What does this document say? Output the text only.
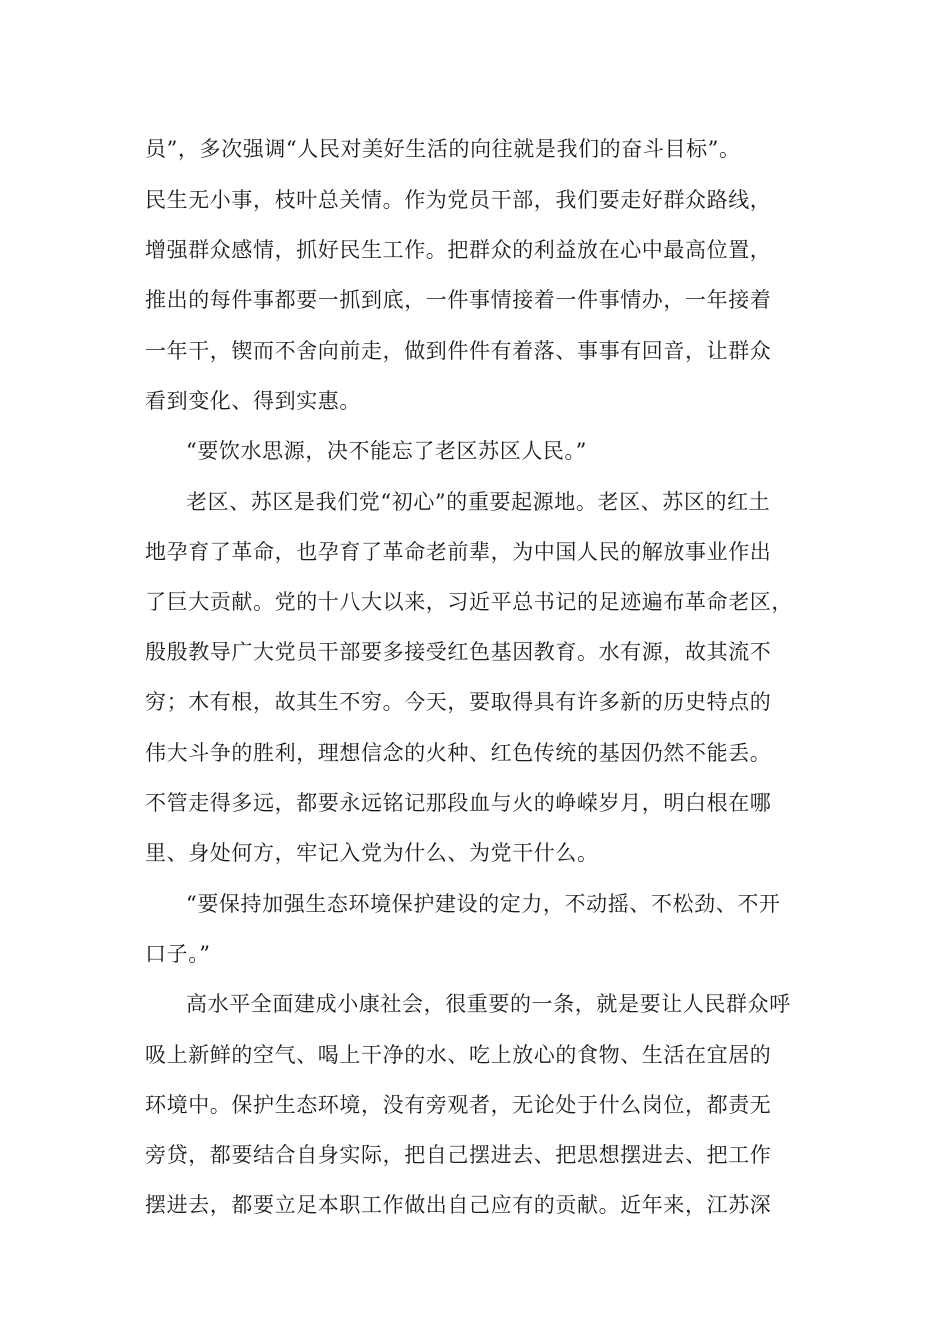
员”，多次强调“人民对美好生活的向往就是我们的奋斗目标”。
民生无小事，枝叶总关情。作为党员干部，我们要走好群众路线，
增强群众感情，抓好民生工作。把群众的利益放在心中最高位置，
推出的每件事都要一抓到底，一件事情接着一件事情办，一年接着
一年干，锲而不舍向前走，做到件件有着落、事事有回音，让群众
看到变化、得到实惠。
“要饮水思源，决不能忘了老区苏区人民。”
老区、苏区是我们党“初心”的重要起源地。老区、苏区的红土
地孕育了革命，也孕育了革命老前辈，为中国人民的解放事业作出
了巨大贡献。党的十八大以来，习近平总书记的足迹遍布革命老区，
殷殷教导广大党员干部要多接受红色基因教育。水有源，故其流不
穷；木有根，故其生不穷。今天，要取得具有许多新的历史特点的
伟大斗争的胜利，理想信念的火种、红色传统的基因仍然不能丢。
不管走得多远，都要永远铭记那段血与火的峥嵘岁月，明白根在哪
里、身处何方，牢记入党为什么、为党干什么。
“要保持加强生态环境保护建设的定力，不动摇、不松劲、不开
口子。”
高水平全面建成小康社会，很重要的一条，就是要让人民群众呼
吸上新鲜的空气、喝上干净的水、吃上放心的食物、生活在宜居的
环境中。保护生态环境，没有旁观者，无论处于什么岗位，都责无
旁贷，都要结合自身实际，把自己摆进去、把思想摆进去、把工作
摆进去，都要立足本职工作做出自己应有的贡献。近年来，江苏深
